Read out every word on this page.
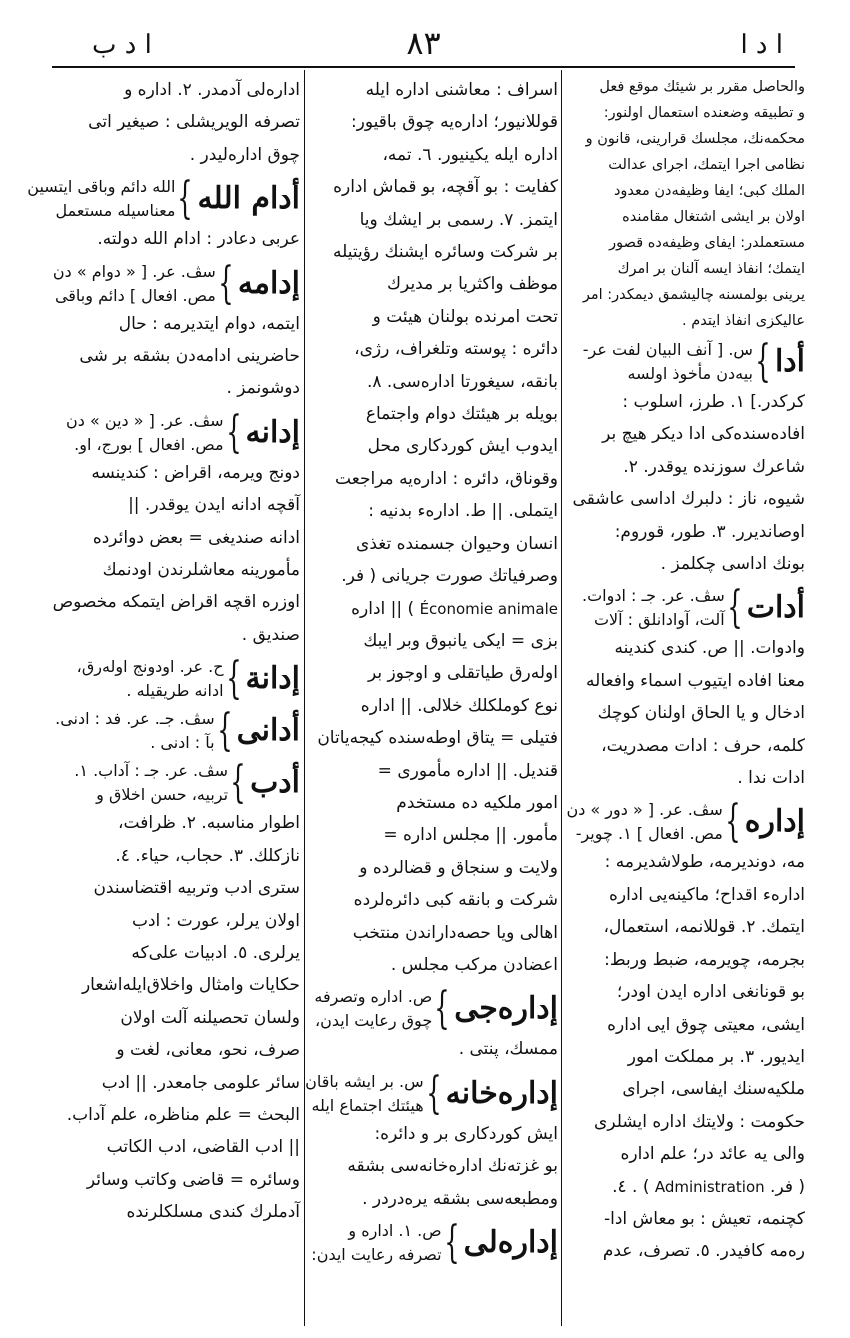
ا د ا
٨٣
ا د ب
والحاصل مقرر بر شیئك موقع فعل
و تطبیقه وضعنده استعمال اولنور:
محکمه‌نك، مجلسك قرارینی، قانون و
نظامی اجرا ایتمك، اجرای عدالت
الملك کبی؛ ایفا وظیفه‌دن معدود
اولان بر ایشی اشتغال مقامنده
مستعملدر: ایفای وظیفه‌ده قصور
ایتمك؛ انفاذ ایسه آلنان بر امرك
یرینی بولمسنه چالیشمق دیمکدر: امر
عالیکزی انفاذ ایتدم .
أدا
}
س. [ آنف البیان لفت عر-
بیه‌دن مأخوذ اولسه
کرکدر.] ١. طرز، اسلوب :
افاده‌سنده‌کی ادا دیکر هیچ بر
شاعرك سوزنده یوقدر. ٢.
شیوه، ناز : دلبرك اداسی عاشقی
اوصاندیرر. ٣. طور، قوروم:
بونك اداسی چکلمز .
أدات
}
سڤ. عر. جـ : ادوات.
آلت، آوادانلق : آلات
وادوات. || ص. کندی کندینه
معنا افاده ایتیوب اسماء وافعاله
ادخال و یا الحاق اولنان کوچك
کلمه، حرف : ادات مصدریت،
ادات ندا .
إداره
}
سڤ. عر. [ « دور » دن
مص. افعال ] ١. چویر-
مه، دوندیرمه، طولاشدیرمه :
اداره‌ء اقداح؛ ماکینه‌یی اداره
ایتمك. ٢. قوللانمه، استعمال،
بجرمه، چویرمه، ضبط وربط:
بو قونانغی اداره ایدن اودر؛
ایشی، معیتی چوق ایی اداره
ایدیور. ٣. بر مملکت امور
ملکیه‌سنك ایفاسی، اجرای
حکومت : ولایتك اداره ایشلری
والی یه عائد در؛ علم اداره
( فر. Administration ) . ٤.
کچنمه، تعیش : بو معاش ادا-
ره‌مه کافیدر. ٥. تصرف، عدم
اسراف : معاشنی اداره ایله
قوللانیور؛ اداره‌یه چوق باقیور:
اداره ایله یکینیور. ٦. تمه،
کفایت : بو آقچه، بو قماش اداره
ایتمز. ٧. رسمی بر ایشك ویا
بر شرکت وسائره ایشنك رؤیتیله
موظف واکثریا بر مدیرك
تحت امرنده بولنان هیئت و
دائره : پوسته وتلغراف، رژی،
بانقه، سیغورتا اداره‌سی. ٨.
بویله بر هیئتك دوام واجتماع
ایدوب ایش کوردکاری محل
وقوناق، دائره : اداره‌یه مراجعت
ایتملی. || ط. اداره‌ء بدنیه :
انسان وحیوان جسمنده تغذی
وصرفیاتك صورت جریانی ( فر.
Économie animale ) || اداره
بزی = ایکی یانبوق وبر ایبك
اوله‌رق طیاتقلی و اوجوز بر
نوع کوملکلك خلالی. || اداره
فتیلی = یتاق اوطه‌سنده کیجه‌یاتان
قندیل. || اداره مأموری =
امور ملکیه ده مستخدم
مأمور. || مجلس اداره =
ولایت و سنجاق و قضالرده و
شرکت و بانقه کبی دائره‌لرده
اهالی ویا حصه‌داراندن منتخب
اعضادن مرکب مجلس .
إداره‌جی
}
ص. اداره وتصرفه
چوق رعایت ایدن،
ممسك، پنتی .
إداره‌خانه
}
س. بر ایشه باقان
هیئتك اجتماع ایله
ایش کوردکاری بر و دائره:
بو غزته‌نك اداره‌خانه‌سی بشقه
ومطبعه‌سی بشقه یره‌دردر .
إداره‌لی
}
ص. ١. اداره و
تصرفه رعایت ایدن:
اداره‌لی آدمدر. ٢. اداره و
تصرفه الویریشلی : صیغیر اتی
چوق اداره‌لیدر .
أدام الله
}
الله دائم وباقی ایتسین
معناسیله مستعمل
عربی دعادر : ادام الله دولته.
إدامه
}
سڤ. عر. [ « دوام » دن
مص. افعال ] دائم وباقی
ایتمه، دوام ایتدیرمه : حال
حاضرینی ادامه‌دن بشقه بر شی
دوشونمز .
إدانه
}
سڤ. عر. [ « دین » دن
مص. افعال ] بورج، او.
دونج ویرمه، اقراض : کندینسه
آقچه ادانه ایدن یوقدر. ||
ادانه صندیغی = بعض دوائرده
مأمورینه معاشلرندن اودنمك
اوزره اقچه اقراض ایتمکه مخصوص
صندیق .
إدانة
}
ح. عر. اودونج اوله‌رق،
ادانه طریقیله .
أدانی
}
سڤ. جـ. عر. فد : ادنی.
بآ : ادنی .
أدب
}
سڤ. عر. جـ : آداب. ١.
تربیه، حسن اخلاق و
اطوار مناسبه. ٢. ظرافت،
نازکلك. ٣. حجاب، حیاء. ٤.
ستری ادب وتربیه اقتضاسندن
اولان یرلر، عورت : ادب
یرلری. ٥. ادبیات علی‌که
حکایات وامثال واخلاق‌ایله‌اشعار
ولسان تحصیلنه آلت اولان
صرف، نحو، معانی، لغت و
سائر علومی جامعدر. || ادب
البحث = علم مناظره، علم آداب.
|| ادب القاضی، ادب الکاتب
وسائره = قاضی وکاتب وسائر
آدملرك کندی مسلکلرنده
